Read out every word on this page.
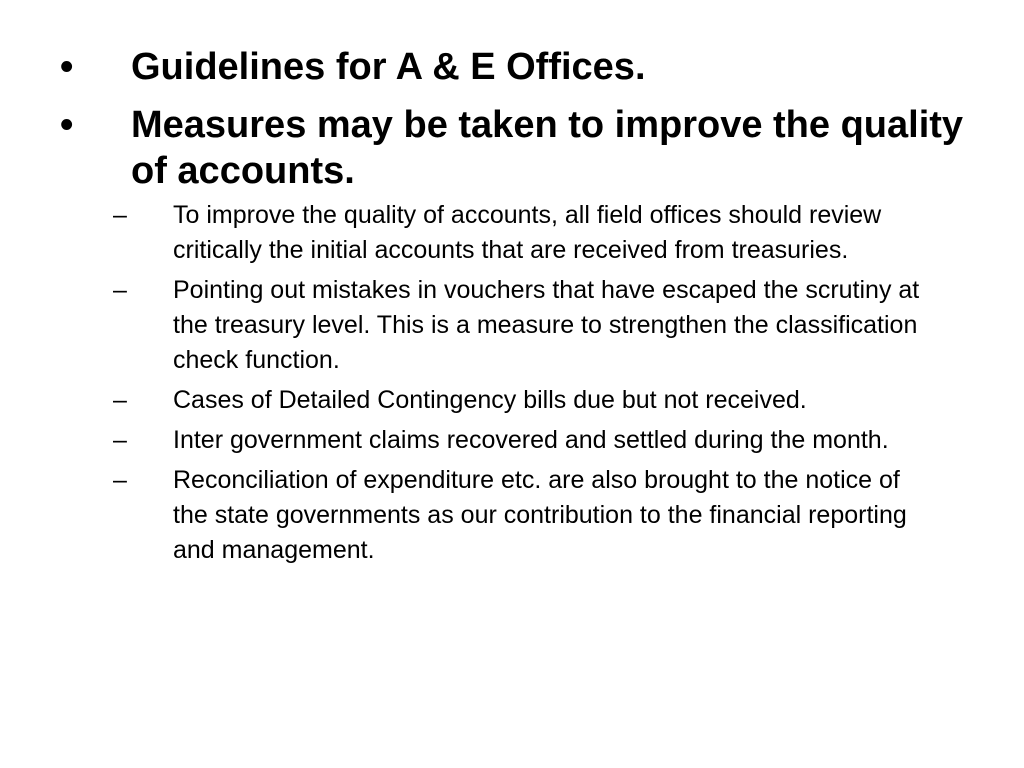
• Guidelines for A & E Offices.
• Measures may be taken to improve the quality of accounts.
– To improve the quality of accounts, all field offices should review critically the initial accounts that are received from treasuries.
– Pointing out mistakes in vouchers that have escaped the scrutiny at the treasury level. This is a measure to strengthen the classification check function.
– Cases of Detailed Contingency bills due but not received.
– Inter government claims recovered and settled during the month.
– Reconciliation of expenditure etc. are also brought to the notice of the state governments as our contribution to the financial reporting and management.
